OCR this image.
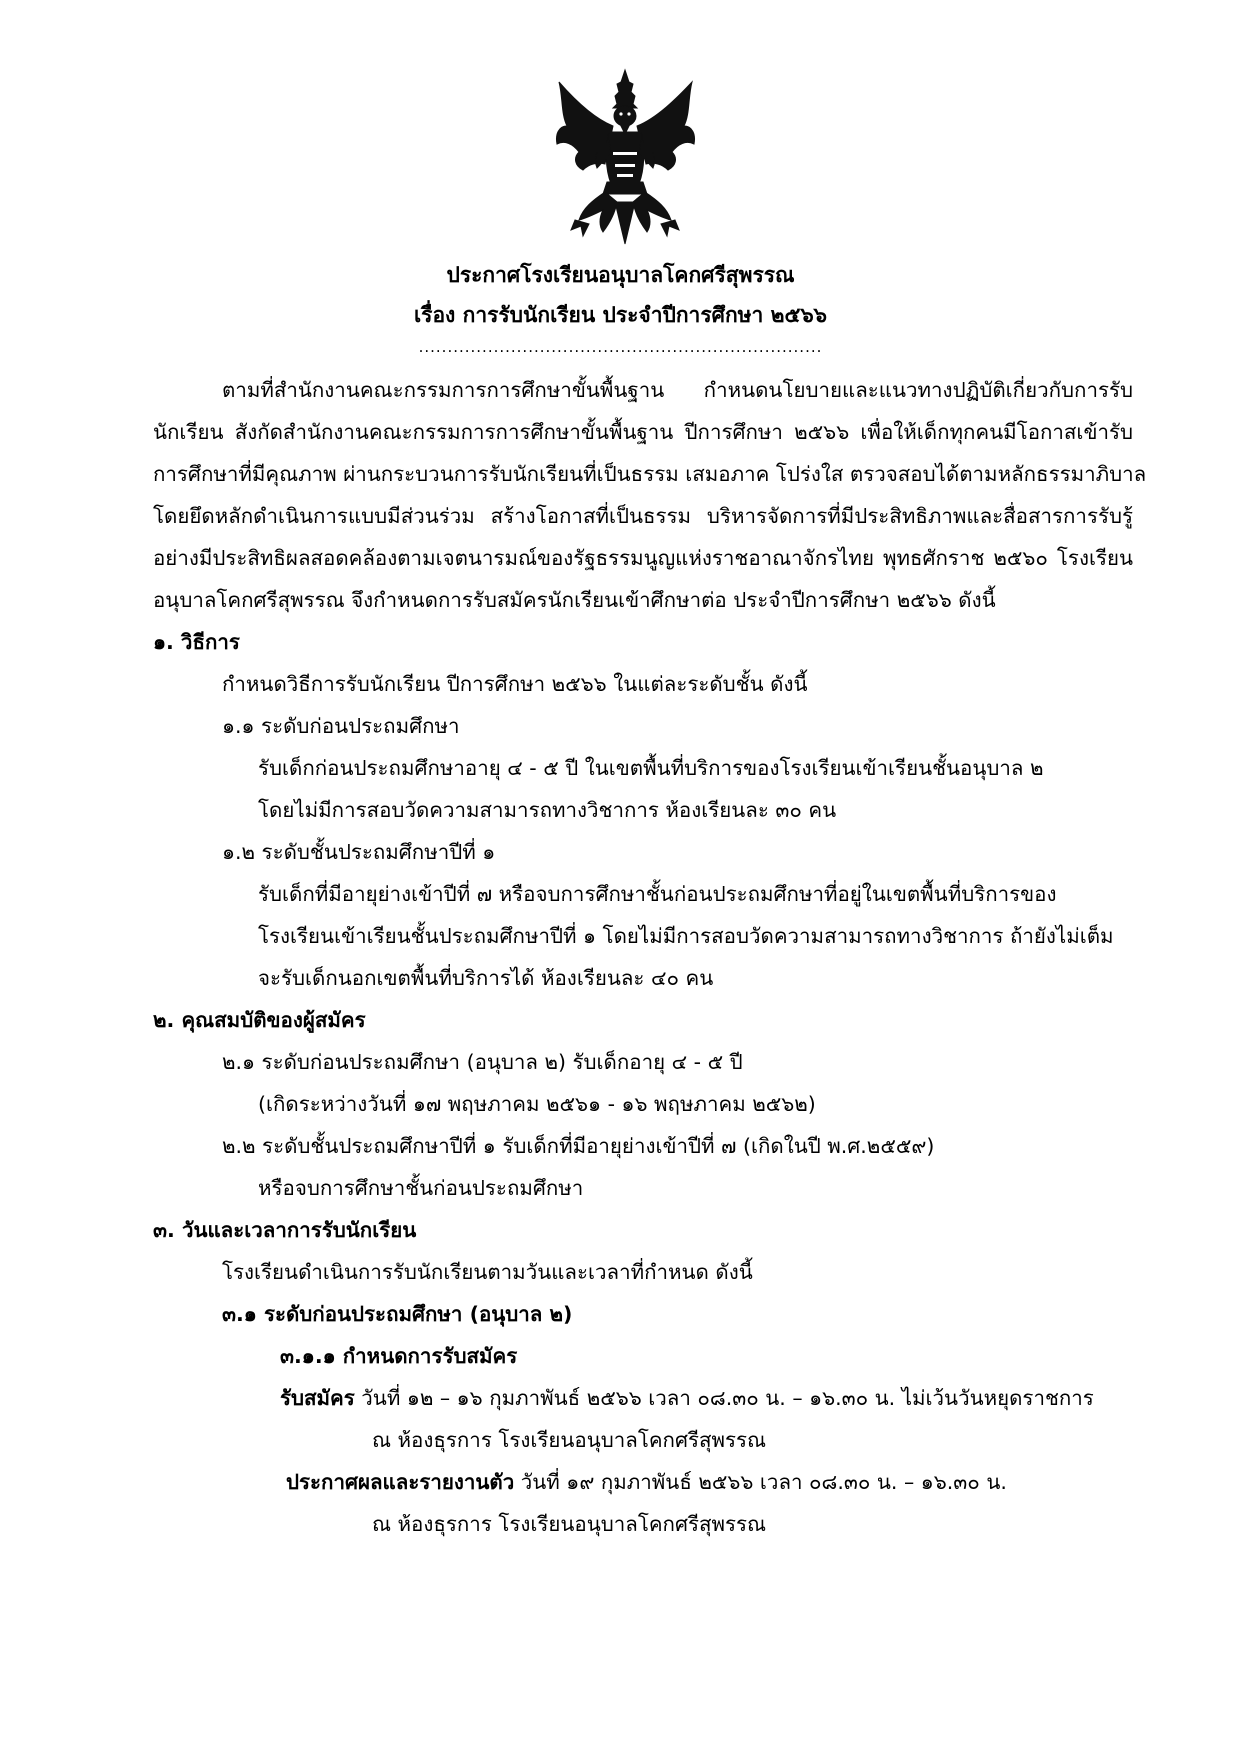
ประกาศโรงเรียนอนุบาลโคกศรีสุพรรณ
เรื่อง การรับนักเรียน ประจำปีการศึกษา ๒๕๖๖
......................................................................
ตามที่สำนักงานคณะกรรมการการศึกษาขั้นพื้นฐาน กำหนดนโยบายและแนวทางปฏิบัติเกี่ยวกับการรับ
นักเรียน สังกัดสำนักงานคณะกรรมการการศึกษาขั้นพื้นฐาน ปีการศึกษา ๒๕๖๖ เพื่อให้เด็กทุกคนมีโอกาสเข้ารับ
การศึกษาที่มีคุณภาพ ผ่านกระบวนการรับนักเรียนที่เป็นธรรม เสมอภาค โปร่งใส ตรวจสอบได้ตามหลักธรรมาภิบาล
โดยยึดหลักดำเนินการแบบมีส่วนร่วม สร้างโอกาสที่เป็นธรรม บริหารจัดการที่มีประสิทธิภาพและสื่อสารการรับรู้
อย่างมีประสิทธิผลสอดคล้องตามเจตนารมณ์ของรัฐธรรมนูญแห่งราชอาณาจักรไทย พุทธศักราช ๒๕๖๐ โรงเรียน
อนุบาลโคกศรีสุพรรณ จึงกำหนดการรับสมัครนักเรียนเข้าศึกษาต่อ ประจำปีการศึกษา ๒๕๖๖ ดังนี้
๑. วิธีการ
กำหนดวิธีการรับนักเรียน ปีการศึกษา ๒๕๖๖ ในแต่ละระดับชั้น ดังนี้
๑.๑ ระดับก่อนประถมศึกษา
รับเด็กก่อนประถมศึกษาอายุ ๔ - ๕ ปี ในเขตพื้นที่บริการของโรงเรียนเข้าเรียนชั้นอนุบาล ๒
โดยไม่มีการสอบวัดความสามารถทางวิชาการ ห้องเรียนละ ๓๐ คน
๑.๒ ระดับชั้นประถมศึกษาปีที่ ๑
รับเด็กที่มีอายุย่างเข้าปีที่ ๗ หรือจบการศึกษาชั้นก่อนประถมศึกษาที่อยู่ในเขตพื้นที่บริการของ
โรงเรียนเข้าเรียนชั้นประถมศึกษาปีที่ ๑ โดยไม่มีการสอบวัดความสามารถทางวิชาการ ถ้ายังไม่เต็ม
จะรับเด็กนอกเขตพื้นที่บริการได้ ห้องเรียนละ ๔๐ คน
๒. คุณสมบัติของผู้สมัคร
๒.๑ ระดับก่อนประถมศึกษา (อนุบาล ๒) รับเด็กอายุ ๔ - ๕ ปี
(เกิดระหว่างวันที่ ๑๗ พฤษภาคม ๒๕๖๑ - ๑๖ พฤษภาคม ๒๕๖๒)
๒.๒ ระดับชั้นประถมศึกษาปีที่ ๑ รับเด็กที่มีอายุย่างเข้าปีที่ ๗ (เกิดในปี พ.ศ.๒๕๕๙)
หรือจบการศึกษาชั้นก่อนประถมศึกษา
๓. วันและเวลาการรับนักเรียน
โรงเรียนดำเนินการรับนักเรียนตามวันและเวลาที่กำหนด ดังนี้
๓.๑ ระดับก่อนประถมศึกษา (อนุบาล ๒)
๓.๑.๑ กำหนดการรับสมัคร
รับสมัคร วันที่ ๑๒ – ๑๖ กุมภาพันธ์ ๒๕๖๖ เวลา ๐๘.๓๐ น. – ๑๖.๓๐ น. ไม่เว้นวันหยุดราชการ
ณ ห้องธุรการ โรงเรียนอนุบาลโคกศรีสุพรรณ
ประกาศผลและรายงานตัว วันที่ ๑๙ กุมภาพันธ์ ๒๕๖๖ เวลา ๐๘.๓๐ น. – ๑๖.๓๐ น.
ณ ห้องธุรการ โรงเรียนอนุบาลโคกศรีสุพรรณ
